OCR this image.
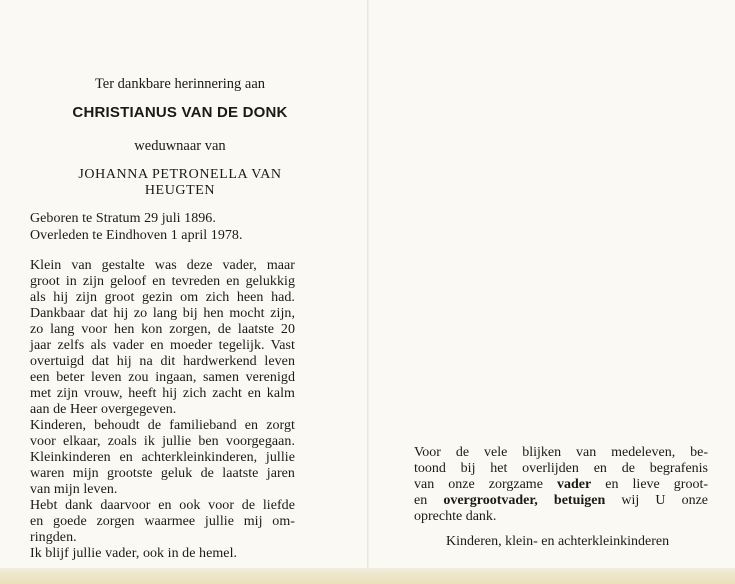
Ter dankbare herinnering aan
CHRISTIANUS VAN DE DONK
weduwnaar van
JOHANNA PETRONELLA VAN
HEUGTEN
Geboren te Stratum 29 juli 1896.
Overleden te Eindhoven 1 april 1978.
Klein van gestalte was deze vader, maar
groot in zijn geloof en tevreden en gelukkig
als hij zijn groot gezin om zich heen had.
Dankbaar dat hij zo lang bij hen mocht zijn,
zo lang voor hen kon zorgen, de laatste 20
jaar zelfs als vader en moeder tegelijk. Vast
overtuigd dat hij na dit hardwerkend leven
een beter leven zou ingaan, samen verenigd
met zijn vrouw, heeft hij zich zacht en kalm
aan de Heer overgegeven.
Kinderen, behoudt de familieband en zorgt
voor elkaar, zoals ik jullie ben voorgegaan.
Kleinkinderen en achterkleinkinderen, jullie
waren mijn grootste geluk de laatste jaren
van mijn leven.
Hebt dank daarvoor en ook voor de liefde
en goede zorgen waarmee jullie mij om-
ringden.
Ik blijf jullie vader, ook in de hemel.
Voor de vele blijken van medeleven, be-
toond bij het overlijden en de begrafenis
van onze zorgzame vader en lieve groot-
en overgrootvader, betuigen wij U onze
oprechte dank.
Kinderen, klein- en achterkleinkinderen
